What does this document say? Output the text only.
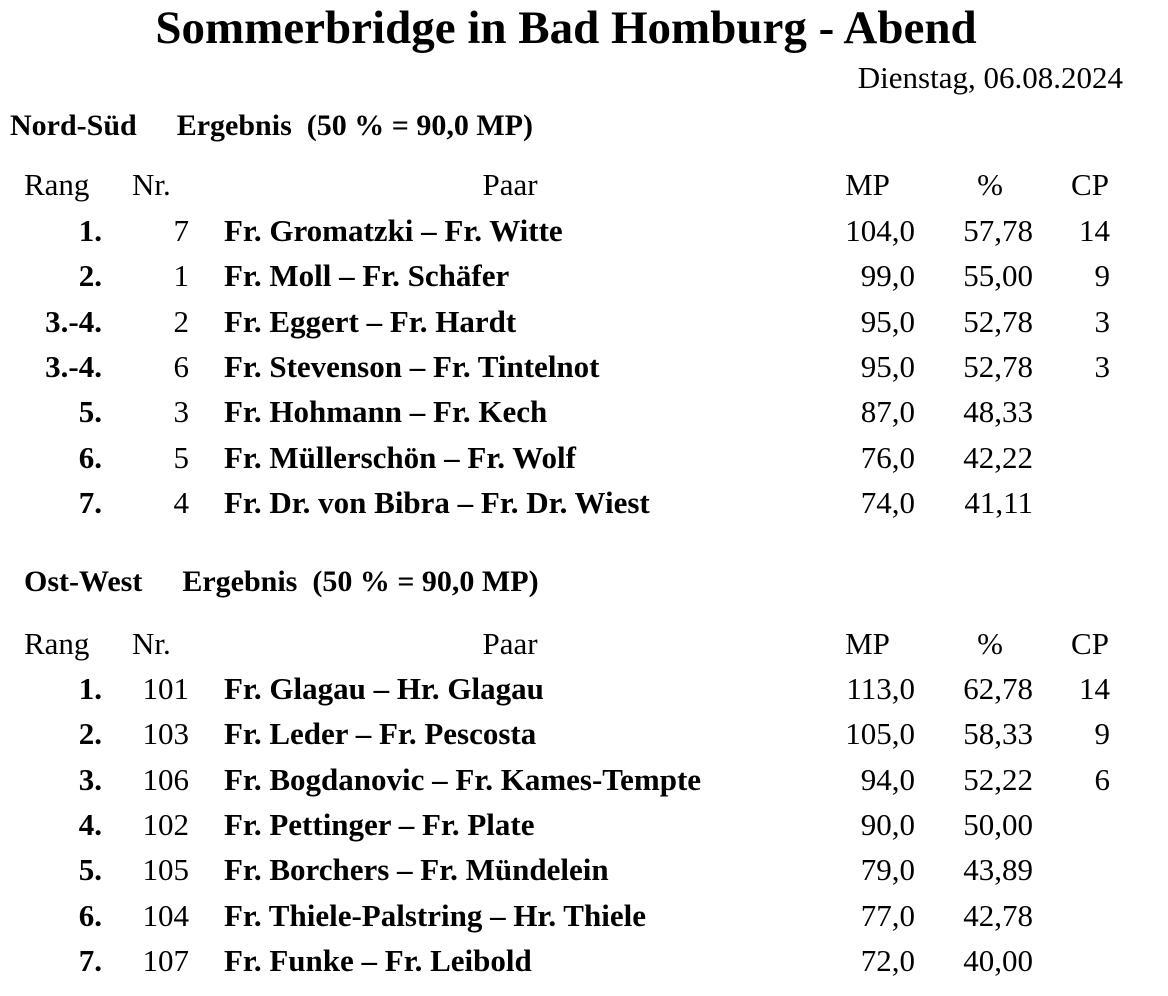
Sommerbridge in Bad Homburg - Abend
Dienstag, 06.08.2024
Nord-Süd Ergebnis  (50 % = 90,0 MP)
Rang	Nr.	Paar	MP	%	CP
1.	7 Fr. Gromatzki – Fr. Witte	104,0	57,78	14
2.	1 Fr. Moll – Fr. Schäfer	99,0	55,00	9
3.-4.	2 Fr. Eggert – Fr. Hardt	95,0	52,78	3
3.-4.	6 Fr. Stevenson – Fr. Tintelnot	95,0	52,78	3
5.	3 Fr. Hohmann – Fr. Kech	87,0	48,33
6.	5 Fr. Müllerschön – Fr. Wolf	76,0	42,22
7.	4 Fr. Dr. von Bibra – Fr. Dr. Wiest	74,0	41,11
Ost-West Ergebnis  (50 % = 90,0 MP)
Rang	Nr.	Paar	MP	%	CP
1.	101 Fr. Glagau – Hr. Glagau	113,0	62,78	14
2.	103 Fr. Leder – Fr. Pescosta	105,0	58,33	9
3.	106 Fr. Bogdanovic – Fr. Kames-Tempte	94,0	52,22	6
4.	102 Fr. Pettinger – Fr. Plate	90,0	50,00
5.	105 Fr. Borchers – Fr. Mündelein	79,0	43,89
6.	104 Fr. Thiele-Palstring – Hr. Thiele	77,0	42,78
7.	107 Fr. Funke – Fr. Leibold	72,0	40,00
